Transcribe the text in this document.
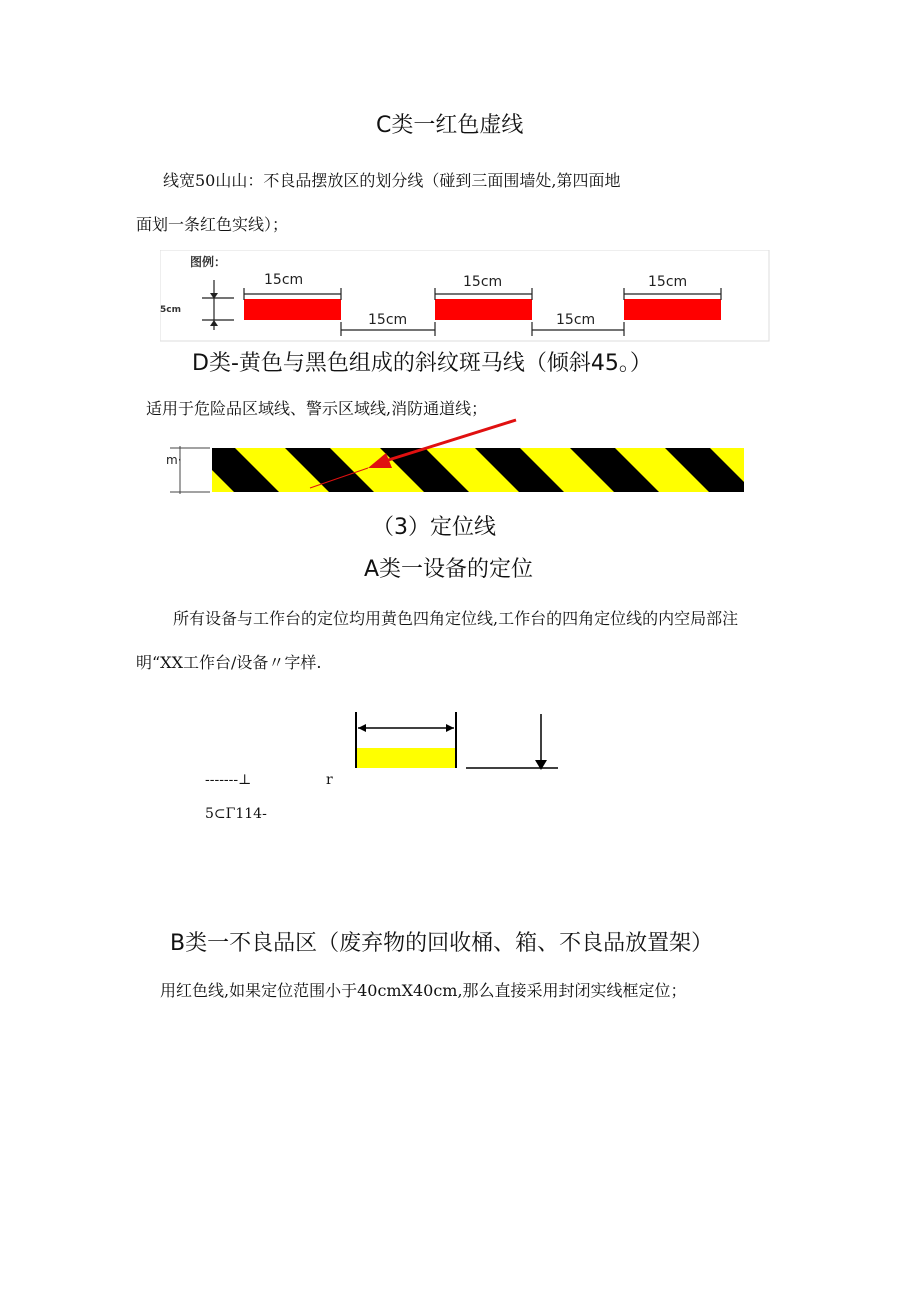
C类一红色虚线
线宽50山山：不良品摆放区的划分线（碰到三面围墙处,第四面地
面划一条红色实线）；
图例：
5cm
15cm	15cm	15cm
15cm	15cm
D类-黄色与黑色组成的斜纹斑马线（倾斜45。）
适用于危险品区域线、警示区域线,消防通道线；
m·
（3）定位线
A类一设备的定位
所有设备与工作台的定位均用黄色四角定位线,工作台的四角定位线的内空局部注
明“XX工作台/设备〃字样.
-------⊥	r
5⊂Γ114-
B类一不良品区（废弃物的回收桶、箱、不良品放置架）
用红色线,如果定位范围小于40cmX40cm,那么直接采用封闭实线框定位；
